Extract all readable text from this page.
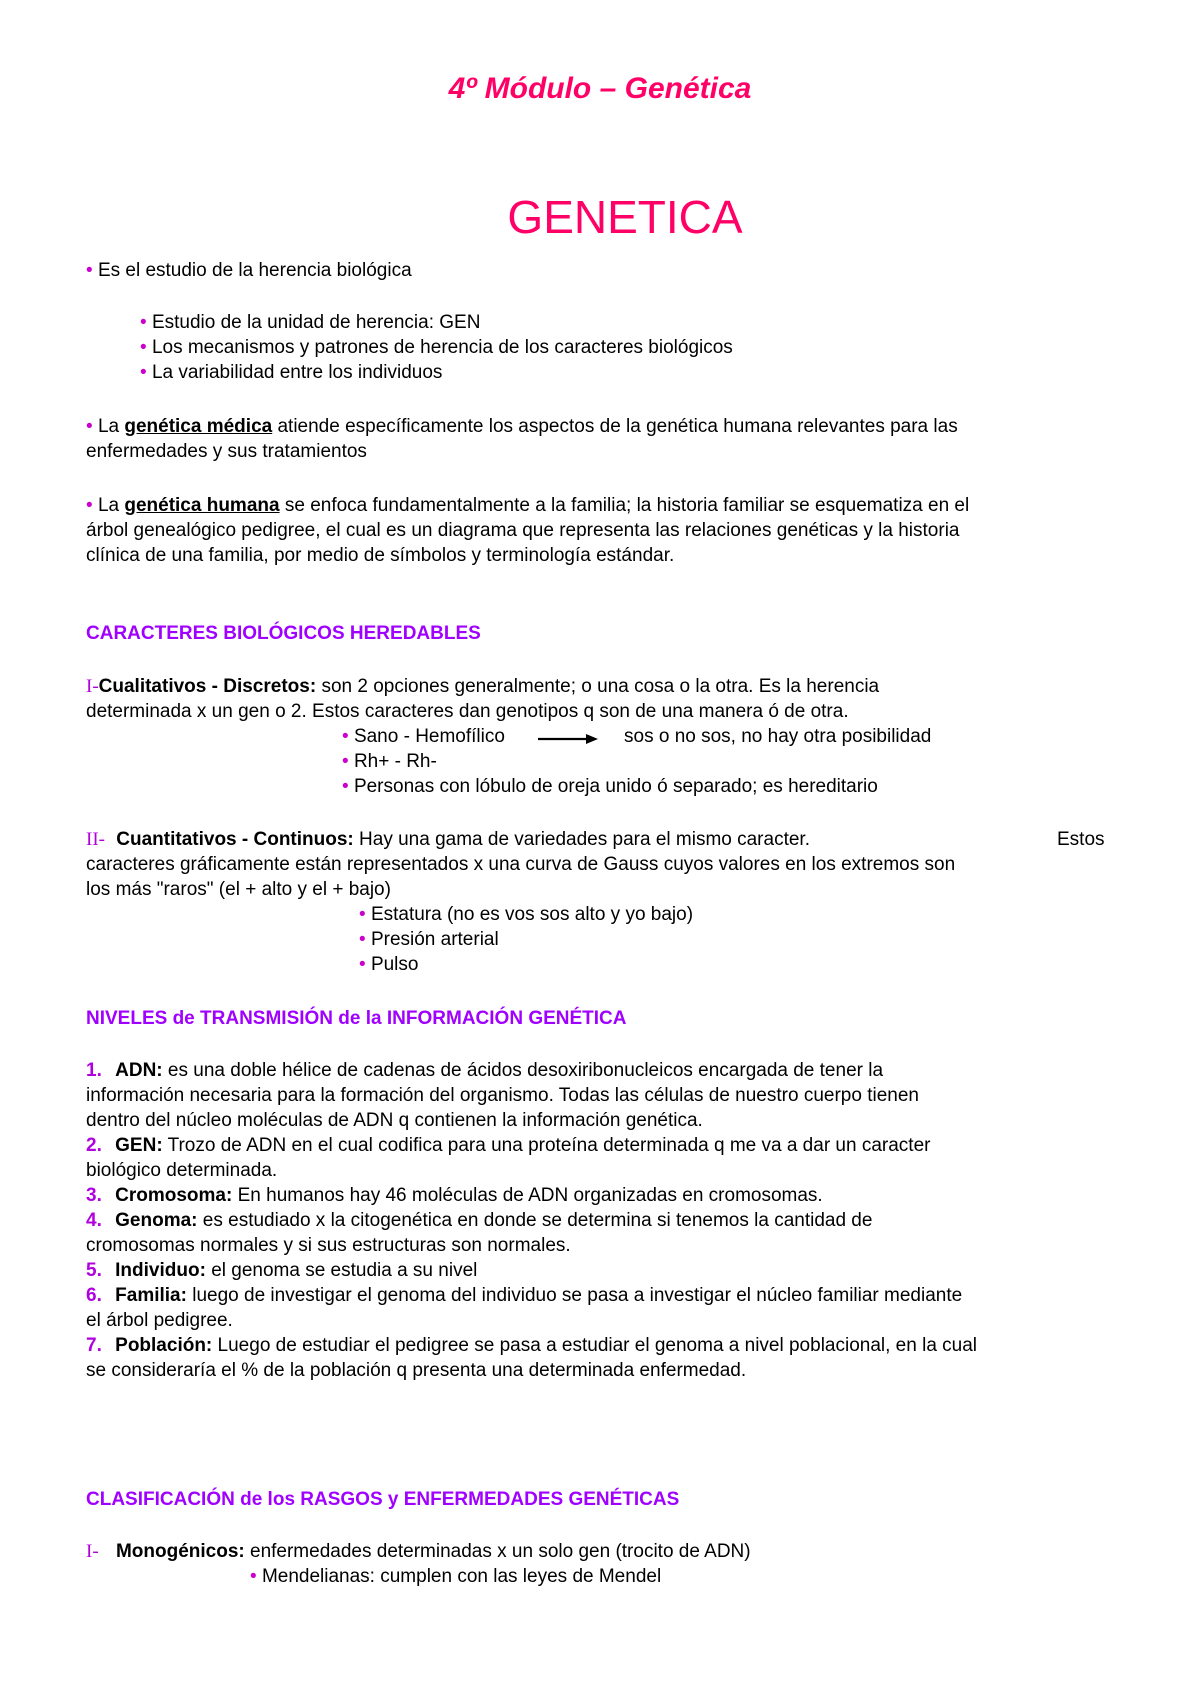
4º Módulo – Genética
GENETICA
• Es el estudio de la herencia biológica
• Estudio de la unidad de herencia: GEN
• Los mecanismos y patrones de herencia de los caracteres biológicos
• La variabilidad entre los individuos
• La genética médica atiende específicamente los aspectos de la genética humana relevantes para las
enfermedades y sus tratamientos
• La genética humana se enfoca fundamentalmente a la familia; la historia familiar se esquematiza en el
árbol genealógico pedigree, el cual es un diagrama que representa las relaciones genéticas y la historia
clínica de una familia, por medio de símbolos y terminología estándar.
CARACTERES BIOLÓGICOS HEREDABLES
I-Cualitativos - Discretos: son 2 opciones generalmente; o una cosa o la otra. Es la herencia
determinada x un gen o 2. Estos caracteres dan genotipos q son de una manera ó de otra.
• Sano - Hemofílico	sos o no sos, no hay otra posibilidad
• Rh+ - Rh-
• Personas con lóbulo de oreja unido ó separado; es hereditario
II- Cuantitativos - Continuos: Hay una gama de variedades para el mismo caracter.	Estos
caracteres gráficamente están representados x una curva de Gauss cuyos valores en los extremos son
los más "raros" (el + alto y el + bajo)
• Estatura (no es vos sos alto y yo bajo)
• Presión arterial
• Pulso
NIVELES de TRANSMISIÓN de la INFORMACIÓN GENÉTICA
1. ADN: es una doble hélice de cadenas de ácidos desoxiribonucleicos encargada de tener la
información necesaria para la formación del organismo. Todas las células de nuestro cuerpo tienen
dentro del núcleo moléculas de ADN q contienen la información genética.
2. GEN: Trozo de ADN en el cual codifica para una proteína determinada q me va a dar un caracter
biológico determinada.
3. Cromosoma: En humanos hay 46 moléculas de ADN organizadas en cromosomas.
4. Genoma: es estudiado x la citogenética en donde se determina si tenemos la cantidad de
cromosomas normales y si sus estructuras son normales.
5. Individuo: el genoma se estudia a su nivel
6. Familia: luego de investigar el genoma del individuo se pasa a investigar el núcleo familiar mediante
el árbol pedigree.
7. Población: Luego de estudiar el pedigree se pasa a estudiar el genoma a nivel poblacional, en la cual
se consideraría el % de la población q presenta una determinada enfermedad.
CLASIFICACIÓN de los RASGOS y ENFERMEDADES GENÉTICAS
I- Monogénicos: enfermedades determinadas x un solo gen (trocito de ADN)
• Mendelianas: cumplen con las leyes de Mendel
